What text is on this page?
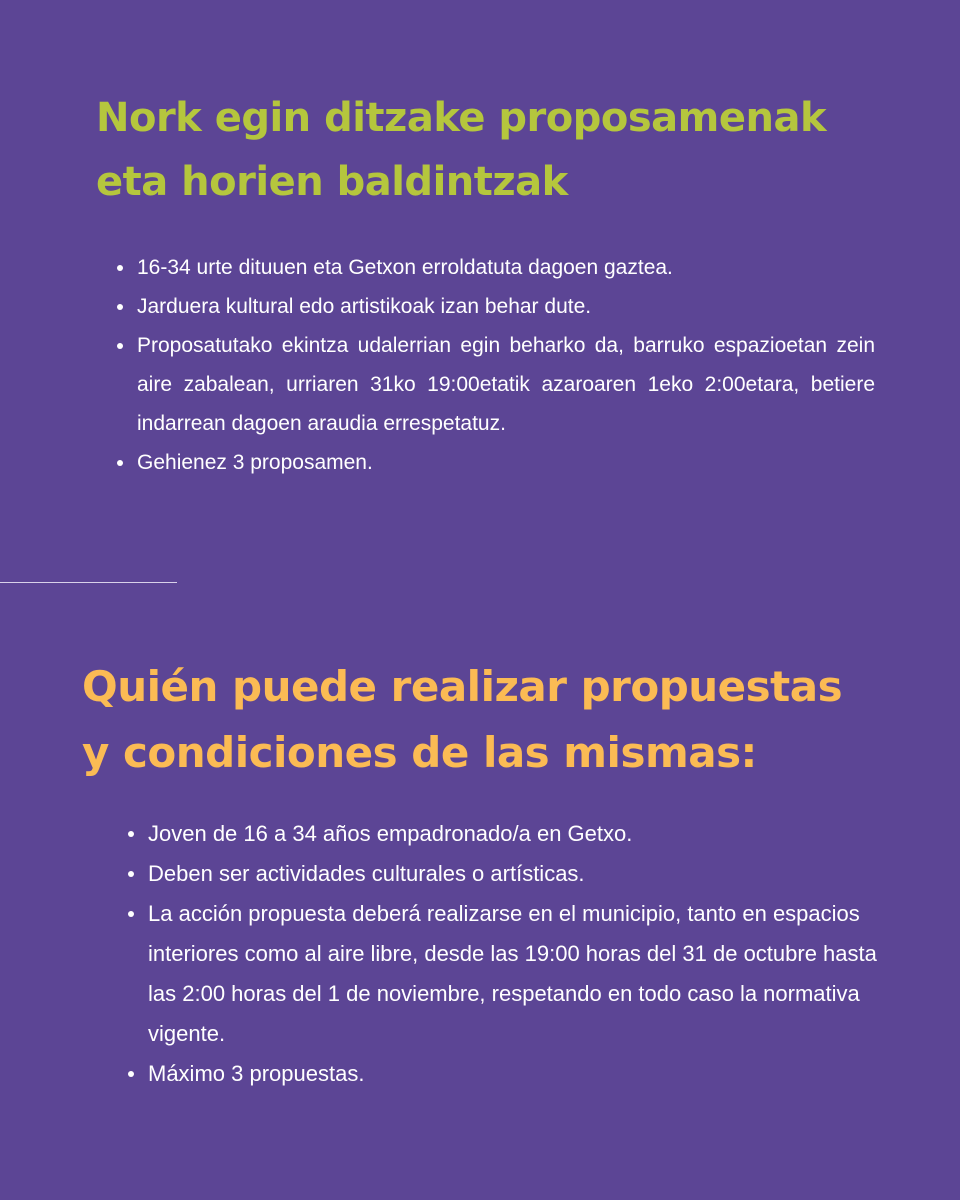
Nork egin ditzake proposamenak
eta horien baldintzak
16-34 urte dituuen eta Getxon erroldatuta dagoen gaztea.
Jarduera kultural edo artistikoak izan behar dute.
Proposatutako ekintza udalerrian egin beharko da, barruko espazioetan zein aire zabalean, urriaren 31ko 19:00etatik azaroaren 1eko 2:00etara, betiere indarrean dagoen araudia errespetatuz.
Gehienez 3 proposamen.
Quién puede realizar propuestas
y condiciones de las mismas:
Joven de 16 a 34 años empadronado/a en Getxo.
Deben ser actividades culturales o artísticas.
La acción propuesta deberá realizarse en el municipio, tanto en espacios interiores como al aire libre, desde las 19:00 horas del 31 de octubre hasta las 2:00 horas del 1 de noviembre, respetando en todo caso la normativa vigente.
Máximo 3 propuestas.
